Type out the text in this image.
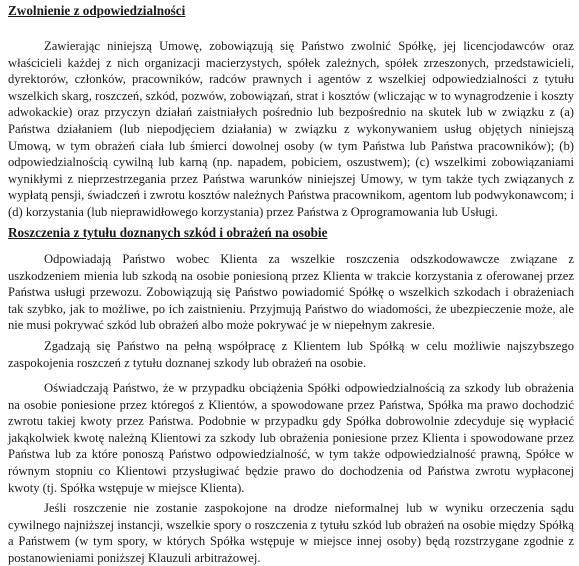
Zwolnienie z odpowiedzialności

Zawierając niniejszą Umowę, zobowiązują się Państwo zwolnić Spółkę, jej licencjodawców oraz właścicieli każdej z nich organizacji macierzystych, spółek zależnych, spółek zrzeszonych, przedstawicieli, dyrektorów, członków, pracowników, radców prawnych i agentów z wszelkiej odpowiedzialności z tytułu wszelkich skarg, roszczeń, szkód, pozwów, zobowiązań, strat i kosztów (wliczając w to wynagrodzenie i koszty adwokackie) oraz przyczyn działań zaistniałych pośrednio lub bezpośrednio na skutek lub w związku z (a) Państwa działaniem (lub niepodjęciem działania) w związku z wykonywaniem usług objętych niniejszą Umową, w tym obrażeń ciała lub śmierci dowolnej osoby (w tym Państwa lub Państwa pracowników); (b) odpowiedzialnością cywilną lub karną (np. napadem, pobiciem, oszustwem); (c) wszelkimi zobowiązaniami wynikłymi z nieprzestrzegania przez Państwa warunków niniejszej Umowy, w tym także tych związanych z wypłatą pensji, świadczeń i zwrotu kosztów należnych Państwa pracownikom, agentom lub podwykonawcom; i (d) korzystania (lub nieprawidłowego korzystania) przez Państwa z Oprogramowania lub Usługi.

Roszczenia z tytułu doznanych szkód i obrażeń na osobie

Odpowiadają Państwo wobec Klienta za wszelkie roszczenia odszkodowawcze związane z uszkodzeniem mienia lub szkodą na osobie poniesioną przez Klienta w trakcie korzystania z oferowanej przez Państwa usługi przewozu. Zobowiązują się Państwo powiadomić Spółkę o wszelkich szkodach i obrażeniach tak szybko, jak to możliwe, po ich zaistnieniu. Przyjmują Państwo do wiadomości, że ubezpieczenie może, ale nie musi pokrywać szkód lub obrażeń albo może pokrywać je w niepełnym zakresie.

Zgadzają się Państwo na pełną współpracę z Klientem lub Spółką w celu możliwie najszybszego zaspokojenia roszczeń z tytułu doznanej szkody lub obrażeń na osobie.

Oświadczają Państwo, że w przypadku obciążenia Spółki odpowiedzialnością za szkody lub obrażenia na osobie poniesione przez któregoś z Klientów, a spowodowane przez Państwa, Spółka ma prawo dochodzić zwrotu takiej kwoty przez Państwa. Podobnie w przypadku gdy Spółka dobrowolnie zdecyduje się wypłacić jakąkolwiek kwotę należną Klientowi za szkody lub obrażenia poniesione przez Klienta i spowodowane przez Państwa lub za które ponoszą Państwo odpowiedzialność, w tym także odpowiedzialność prawną, Spółce w równym stopniu co Klientowi przysługiwać będzie prawo do dochodzenia od Państwa zwrotu wypłaconej kwoty (tj. Spółka wstępuje w miejsce Klienta).

Jeśli roszczenie nie zostanie zaspokojone na drodze nieformalnej lub w wyniku orzeczenia sądu cywilnego najniższej instancji, wszelkie spory o roszczenia z tytułu szkód lub obrażeń na osobie między Spółką a Państwem (w tym spory, w których Spółka wstępuje w miejsce innej osoby) będą rozstrzygane zgodnie z postanowieniami poniższej Klauzuli arbitrażowej.
